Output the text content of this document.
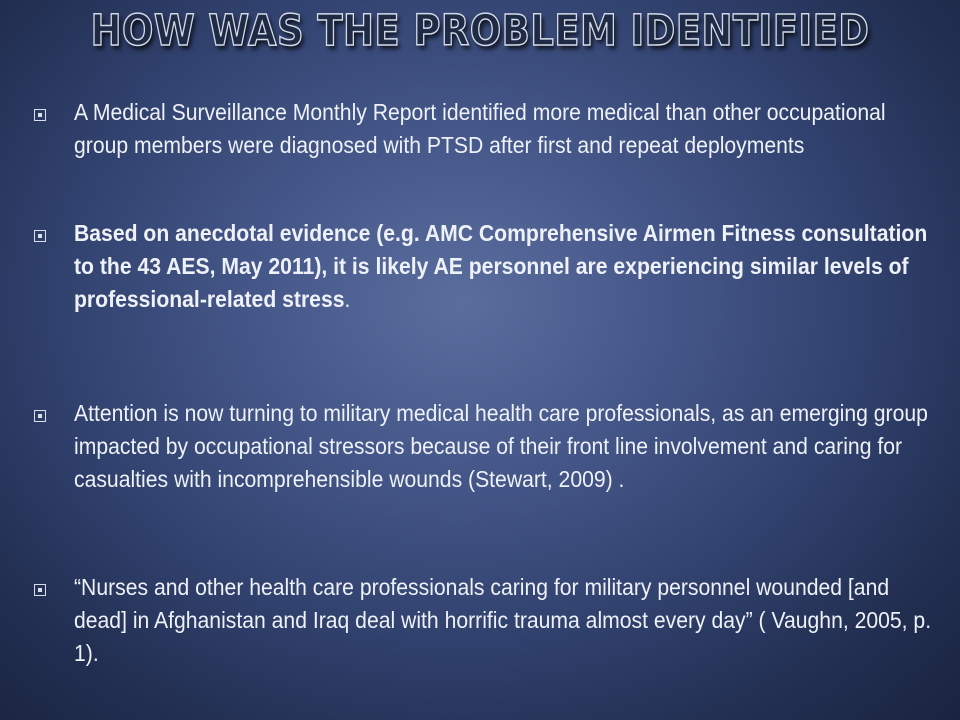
HOW WAS THE PROBLEM IDENTIFIED
A Medical Surveillance Monthly Report identified more medical than other occupational group members were diagnosed with PTSD after first and repeat deployments
Based on anecdotal evidence (e.g. AMC Comprehensive Airmen Fitness consultation to the 43 AES, May 2011), it is likely AE personnel are experiencing similar levels of professional-related stress.
Attention is now turning to military medical health care professionals, as an emerging group impacted by occupational stressors because of their front line involvement and caring for casualties with incomprehensible wounds (Stewart, 2009) .
“Nurses and other health care professionals caring for military personnel wounded [and dead] in Afghanistan and Iraq deal with horrific trauma almost every day” ( Vaughn, 2005, p. 1).
